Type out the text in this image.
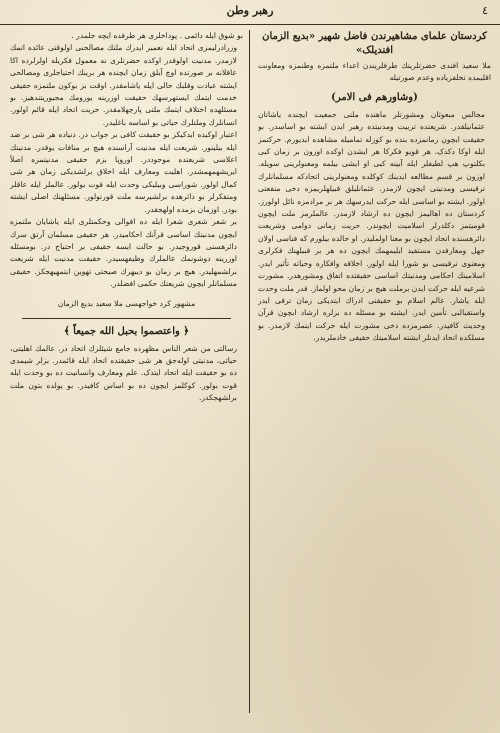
رهبر وطن	٤
کردستان علمای مشاهیرندن فاضل شهیر «بدیع الزمان افندیلک»

ملا سعید افندی حضرتلرینك طرفلریندن اعداء ملتمزه وطنمزه ومعاونت اقلیمده تخلفزیاده وعدم صورتیله

(وشاورهم فی الامر)

مجالس مبعوثان ومشورتلر ماهنده ملتی جمعیت ایچنده یاشاتان عثمانیلقدر. شریعتده تربیت ومدنیتده رهبر ایدن ایشته بو اساسدر. بو حقیقت ایچون زمانمزده بنده بو کوزله تمامیله مشاهده ایدیورم. حرکتمز ایله اوکا دکدک. هر قویو فکرکا هر ایشدن اوکده اوزون بر زمان کبی بکلتوپ هپ لطیفلر ایله آیینه کبی او ایشی بیلمه ومعنولرینی سویله. اوزون بر قسم مطالعه ایدینك کوکلده ومعنولرینی اتحادکه مسلمانلرك ترقیسی ومدنیتی ایچون لازمدر. عثمانلیلق قبیلهلریمزه دخی منفعتی اولور. ایشته بو اساسی ایله حرکت ایدرسهك هر بر مرادمزه نائل اولورز. کردستان ده اهالیمز ایچون ده ارشاد لازمدر. عالملرمز ملت ایچون قومیتمز دکلدرلر اسلامیت ایچوندر. حریت زمانی دوامی وشریعت دائرهسنده اتحاد ایچون بو معنا اولملیدر. او حالده بیلورم که فناسی اولان جهل ومعارفدن مستفید ایلیمهمك ایچون ده هر بر قبیلهنك فکرلری ومعنوی ترقیسی بو شورا ایله اولور. اخلاقه وافکاره وحیاته تأثیر ایدر. اسلامیتك احکامی ومدنیتك اساسی حقیقتده اتفاق ومشورهدر. مشورت شرعیه ایله حرکت ایدن برملت هیچ بر زمان محو اولماز. قدر ملت وحدت ایله یاشار. عالم اسلام بو حقیقتی ادراك ایتدیکی زمان ترقی ایدر واستقبالنی تأمین ایدر. ایشته بو مسئله ده بزلره ارشاد ایچون قرآن وحدیث کافیدر. عصرمزده دخی مشورت ایله حرکت ایتمك لازمدر. بو مسلکده اتحاد ایدنلر ایشته اسلامیتك حقیقی خادملریدر.

بو شوق ایله دائمی . پوداخلری هر طرفده ایچه جلمدر .

وزرادرلیمزی اتحاد ایله تعمیر ایدرك ملتك مصالحنی اولوقتی عائده اتمك لازمدر. مدنیت اولوقدر اوکده حضرتلری نه معمول فکریله اولرلرده اکا عاقلانه بر صورتده اوچ آیلق زمان ایچنده هر برینك احتیاجلری ومصالحی ایشته عبادت وقلبك حالی ایله یاشامقدر. اوقت بز بوکون ملتمزه حقیقی خدمت ایتمك ایستهرسهك حقیقت اوزرینه یورومك مجبوریتندهیز. بو مسئلهده اختلاف ایتمك ملتی پارچهلامقدر. حریت اتحاد ایله قائم اولور. انسانلرك وملتلرك حیاتی بو اساسه باغلیدر.

اعتبار اوکیده ایدکیکز بو حقیقت کافی بر جواب در. دنیاده هر شی بر ضد ایله بیلینور. شریعت ایله مدنیت آراسنده هیچ بر منافات یوقدر. مدنیتك اعلاسی شریعتده موجوددر. اوروپا بزم حقیقی مدنیتمزه اصلاً ایریشهمهمشدر. اهلیت ومعارف ایله اخلاق برلشدیکی زمان هر شی کمال اولور. شوراسی وبیلیکی وحدت ایله قوت بولور. عالملر ایله عاقلر ومتفکرلر بو دائرهده برلشیرسه ملت قورتولور. مسئلهنك اصلی ایشته بودر. اوزمان بزمده اولهجقدر.

بر شعر شعری شعرا ایله ده اقوالی وحکمتلری ایله یاشایان ملتمزه ایچون مدنیتك اساسی قرآنك احکامیدر. هر حقیقی مسلمان آرتق سرك دائرهسنی قوروجیدر. بو حالت ایسه حقیقی بر احتیاج در. بومسئله اوزرینه دوشونمك عالملرك وظیفهسیدر. حقیقت مدنیت ایله شریعت برلشمهلیدر. هیچ بر زمان بو دیبهرك صیحتی تهوین ایتمهیهجکز. حقیقی مسلمانلر ایچون شریعتك حکمی افضلدر.

مشهور کرد خواجهسی ملا سعید بدیع الزمان
﴿ واعتصموا بحبل الله جمیعاً ﴾

رسالتی من شعر الناس مظهرده جامع شیئلرك اتحاد در. عالمك اهلیتی، حیاتی، مدنیتی اوله‌جق هر شی حقیقتده اتحاد ایله قائمدر. بزلر شیمدی ده بو حقیقت ایله اتحاد ایتدک. علم ومعارف وانسانیت ده بو وحدت ایله قوت بولور. کوکلمز ایچون ده بو اساس کافیدر. بو یولده بتون ملت برلشهجکدر.
